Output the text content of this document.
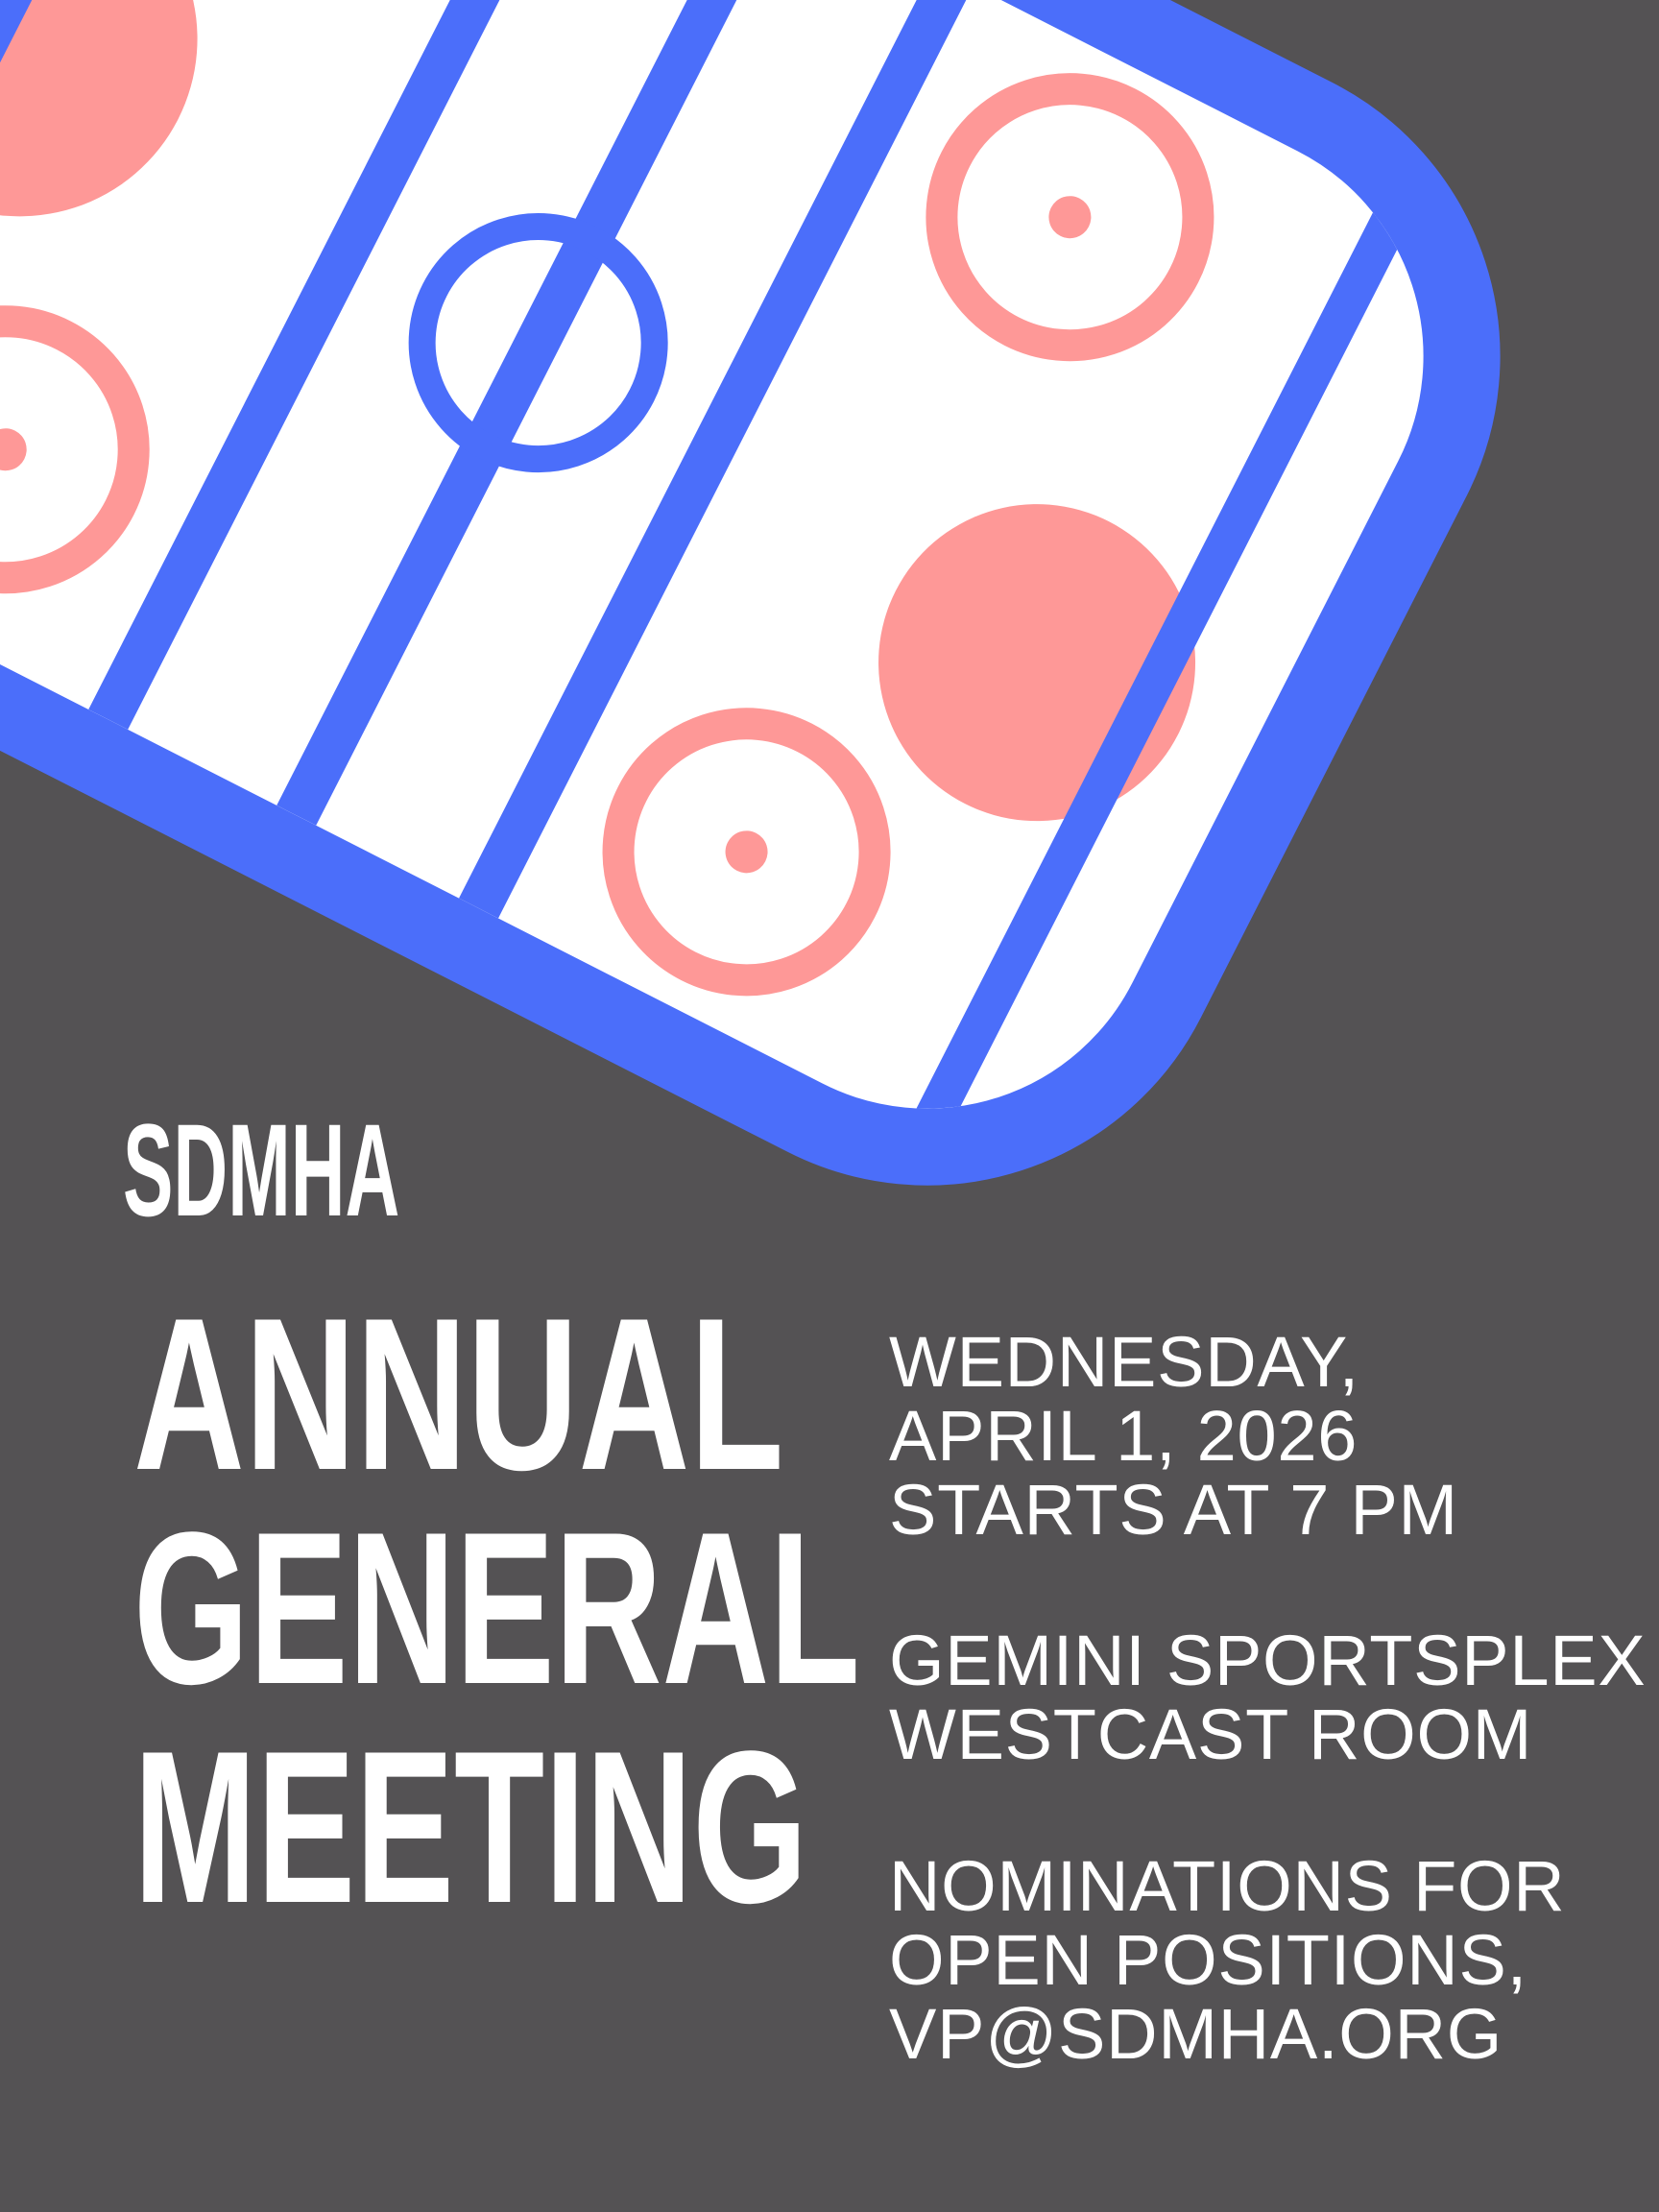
SDMHA
ANNUAL
GENERAL
MEETING
WEDNESDAY,
APRIL 1, 2026
STARTS AT 7 PM
GEMINI SPORTSPLEX
WESTCAST ROOM
NOMINATIONS FOR
OPEN POSITIONS,
VP@SDMHA.ORG
